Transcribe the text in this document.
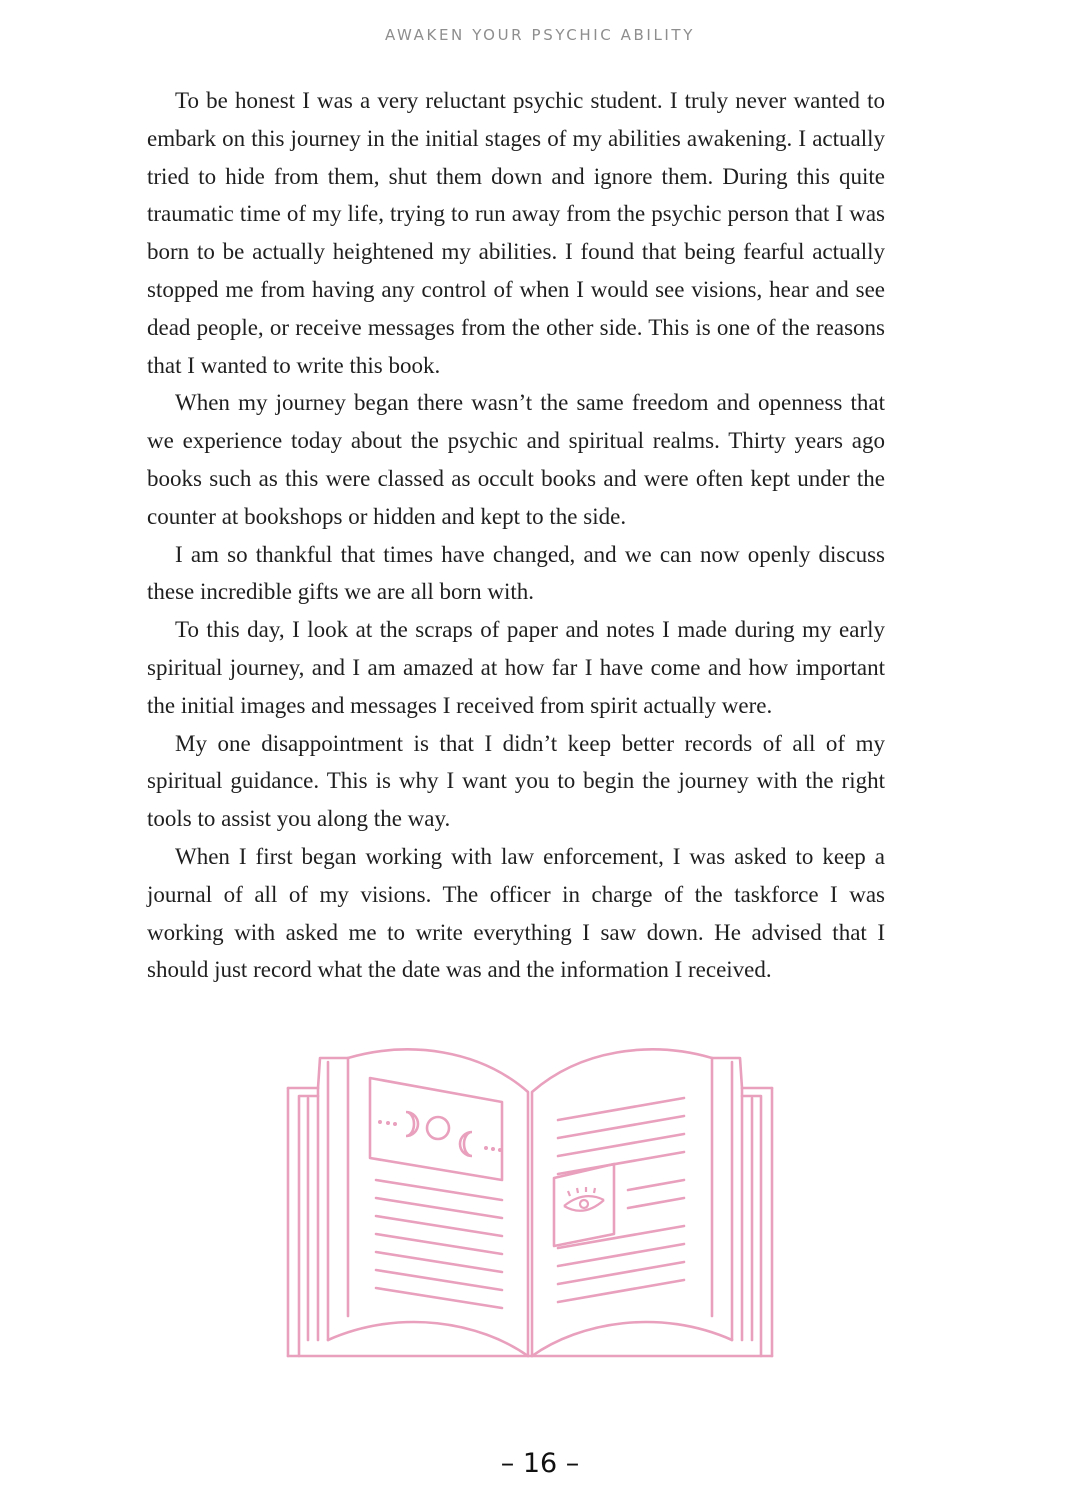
AWAKEN YOUR PSYCHIC ABILITY

To be honest I was a very reluctant psychic student. I truly never wanted to embark on this journey in the initial stages of my abilities awakening. I actually tried to hide from them, shut them down and ignore them. During this quite traumatic time of my life, trying to run away from the psychic person that I was born to be actually heightened my abilities. I found that being fearful actually stopped me from having any control of when I would see visions, hear and see dead people, or receive messages from the other side. This is one of the reasons that I wanted to write this book.

When my journey began there wasn’t the same freedom and openness that we experience today about the psychic and spiritual realms. Thirty years ago books such as this were classed as occult books and were often kept under the counter at bookshops or hidden and kept to the side.

I am so thankful that times have changed, and we can now openly discuss these incredible gifts we are all born with.

To this day, I look at the scraps of paper and notes I made during my early spiritual journey, and I am amazed at how far I have come and how important the initial images and messages I received from spirit actually were.

My one disappointment is that I didn’t keep better records of all of my spiritual guidance. This is why I want you to begin the journey with the right tools to assist you along the way.

When I first began working with law enforcement, I was asked to keep a journal of all of my visions. The officer in charge of the taskforce I was working with asked me to write everything I saw down. He advised that I should just record what the date was and the information I received.

– 16 –
